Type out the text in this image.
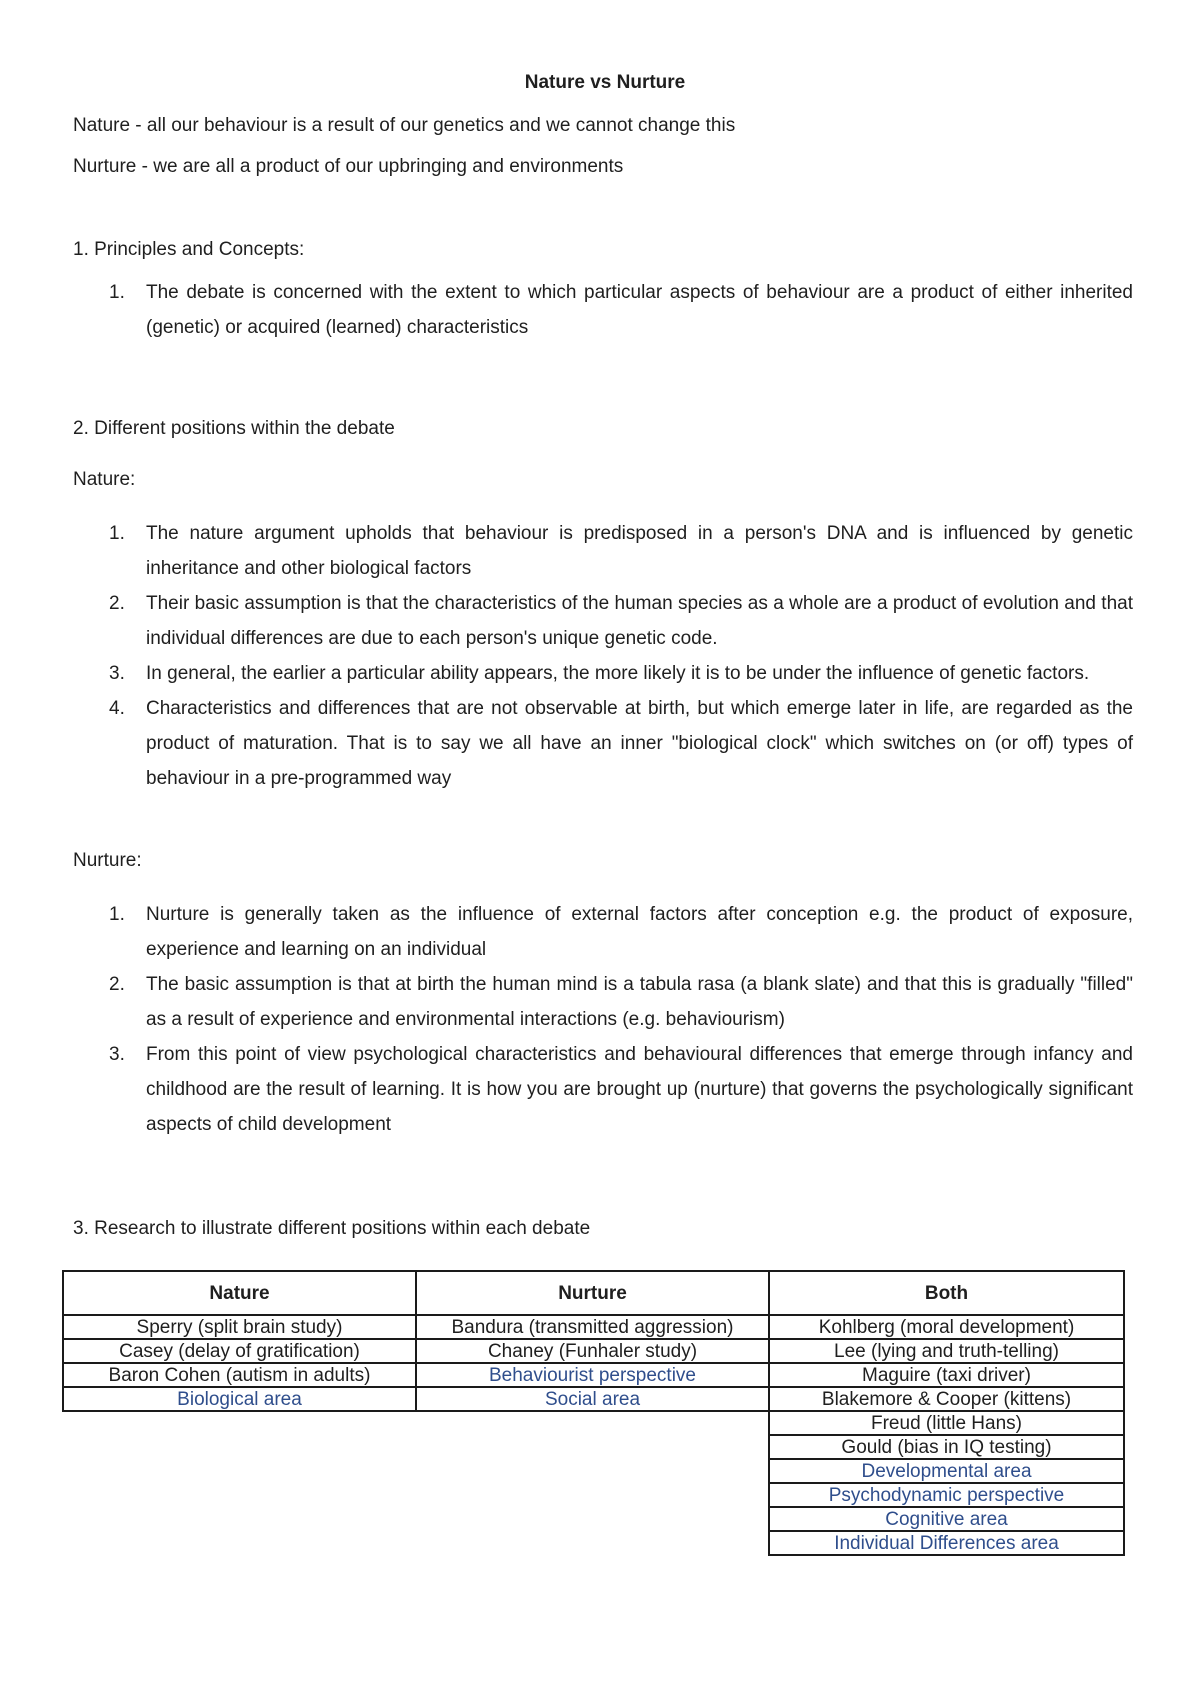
Nature vs Nurture
Nature - all our behaviour is a result of our genetics and we cannot change this
Nurture - we are all a product of our upbringing and environments
1. Principles and Concepts:
1. The debate is concerned with the extent to which particular aspects of behaviour are a product of either inherited (genetic) or acquired (learned) characteristics
2. Different positions within the debate
Nature:
1. The nature argument upholds that behaviour is predisposed in a person's DNA and is influenced by genetic inheritance and other biological factors
2. Their basic assumption is that the characteristics of the human species as a whole are a product of evolution and that individual differences are due to each person's unique genetic code.
3. In general, the earlier a particular ability appears, the more likely it is to be under the influence of genetic factors.
4. Characteristics and differences that are not observable at birth, but which emerge later in life, are regarded as the product of maturation. That is to say we all have an inner "biological clock" which switches on (or off) types of behaviour in a pre-programmed way
Nurture:
1. Nurture is generally taken as the influence of external factors after conception e.g. the product of exposure, experience and learning on an individual
2. The basic assumption is that at birth the human mind is a tabula rasa (a blank slate) and that this is gradually "filled" as a result of experience and environmental interactions (e.g. behaviourism)
3. From this point of view psychological characteristics and behavioural differences that emerge through infancy and childhood are the result of learning. It is how you are brought up (nurture) that governs the psychologically significant aspects of child development
3. Research to illustrate different positions within each debate
Nature	Nurture	Both
Sperry (split brain study)	Bandura (transmitted aggression)	Kohlberg (moral development)
Casey (delay of gratification)	Chaney (Funhaler study)	Lee (lying and truth-telling)
Baron Cohen (autism in adults)	Behaviourist perspective	Maguire (taxi driver)
Biological area	Social area	Blakemore & Cooper (kittens)
		Freud (little Hans)
		Gould (bias in IQ testing)
		Developmental area
		Psychodynamic perspective
		Cognitive area
		Individual Differences area
